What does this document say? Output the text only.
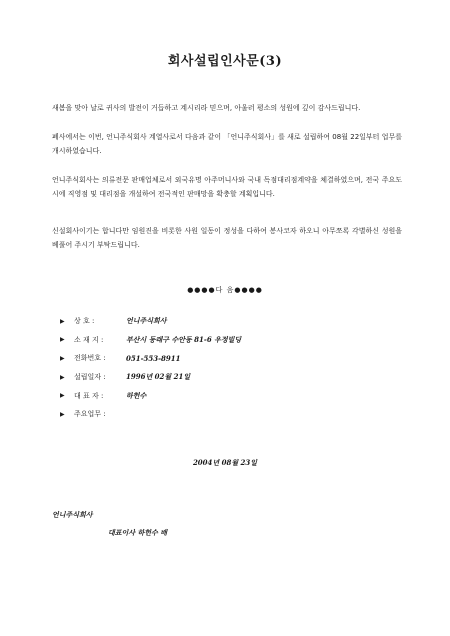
회사설립인사문(3)

새봄을 맞아 날로 귀사의 발전이 거듭하고 계시리라 믿으며, 아울러 평소의 성원에 깊이 감사드립니다.

폐사에서는 이번, 언니주식회사 계열사로서 다음과 같이 「언니주식회사」를 새로 설립하여 08월 22일부터 업무를 개시하였습니다.

언니주식회사는 의류전문 판매업체로서 외국유명 아주머니사와 국내 독점대리점계약을 체결하였으며, 전국 주요도시에 직영점 및 대리점을 개설하여 전국적인 판매망을 확충할 계획입니다.

신설회사이기는 합니다만 임원진을 비롯한 사원 일동이 정성을 다하여 봉사코자 하오니 아무쪼록 각별하신 성원을 베풀어 주시기 부탁드립니다.

●●●●다 음●●●●
▶	상 호 :	언니주식회사
▶	소 재 지 :	부산시 동래구 수안동 81-6 우정빌딩
▶	전화번호 :	051-553-8911
▶	설립일자 :	1996년 02월 21일
▶	대 표 자 :	하헌수
▶	주요업무 :
2004년 08월 23일
언니주식회사
대표이사 하헌수 배
